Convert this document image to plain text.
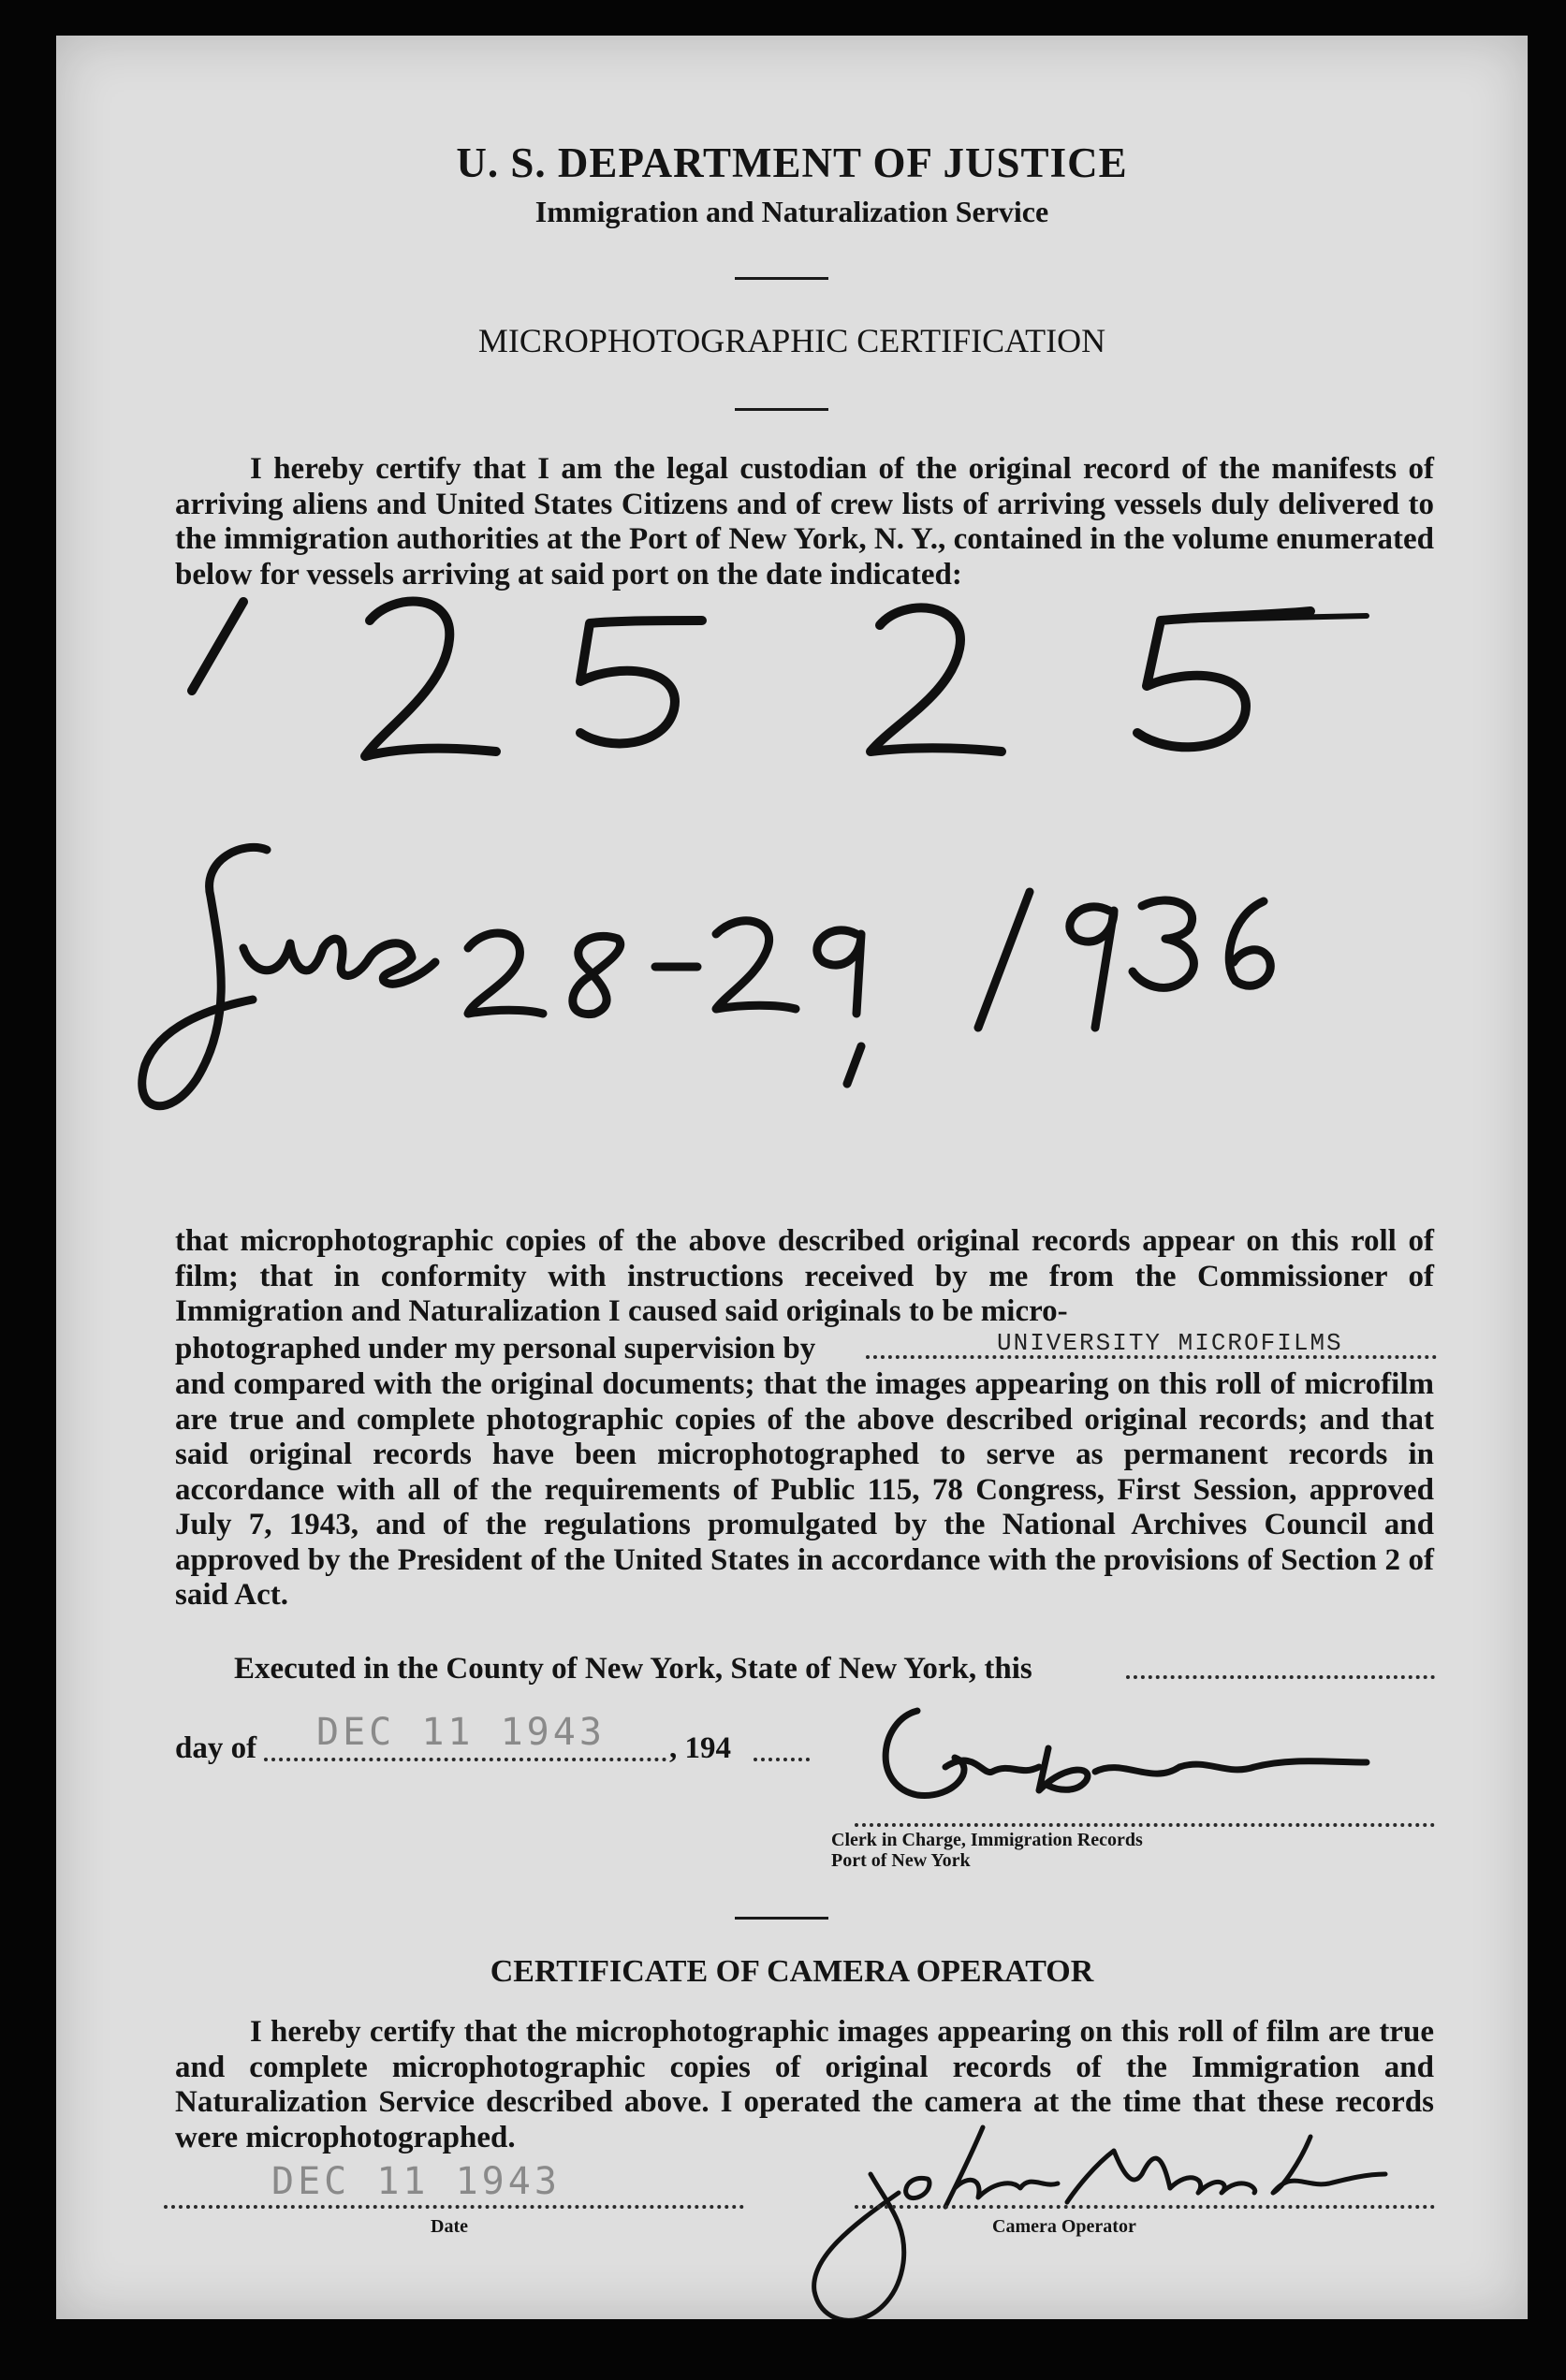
U. S. DEPARTMENT OF JUSTICE

Immigration and Naturalization Service

MICROPHOTOGRAPHIC CERTIFICATION

I hereby certify that I am the legal custodian of the original record of the manifests of arriving aliens and United States Citizens and of crew lists of arriving vessels duly delivered to the immigration authorities at the Port of New York, N. Y., contained in the volume enumerated below for vessels arriving at said port on the date indicated:

that microphotographic copies of the above described original records appear on this roll of film; that in conformity with instructions received by me from the Commissioner of Immigration and Naturalization I caused said originals to be micro-

photographed under my personal supervision by	UNIVERSITY MICROFILMS

and compared with the original documents; that the images appearing on this roll of microfilm are true and complete photographic copies of the above described original records; and that said original records have been microphotographed to serve as permanent records in accordance with all of the requirements of Public 115, 78 Congress, First Session, approved July 7, 1943, and of the regulations promulgated by the National Archives Council and approved by the President of the United States in accordance with the provisions of Section 2 of said Act.

Executed in the County of New York, State of New York, this

day of DEC 11 1943 , 194

Clerk in Charge, Immigration Records

Port of New York

CERTIFICATE OF CAMERA OPERATOR

I hereby certify that the microphotographic images appearing on this roll of film are true and complete microphotographic copies of original records of the Immigration and Naturalization Service described above. I operated the camera at the time that these records were microphotographed.

DEC 11 1943

Date	Camera Operator
